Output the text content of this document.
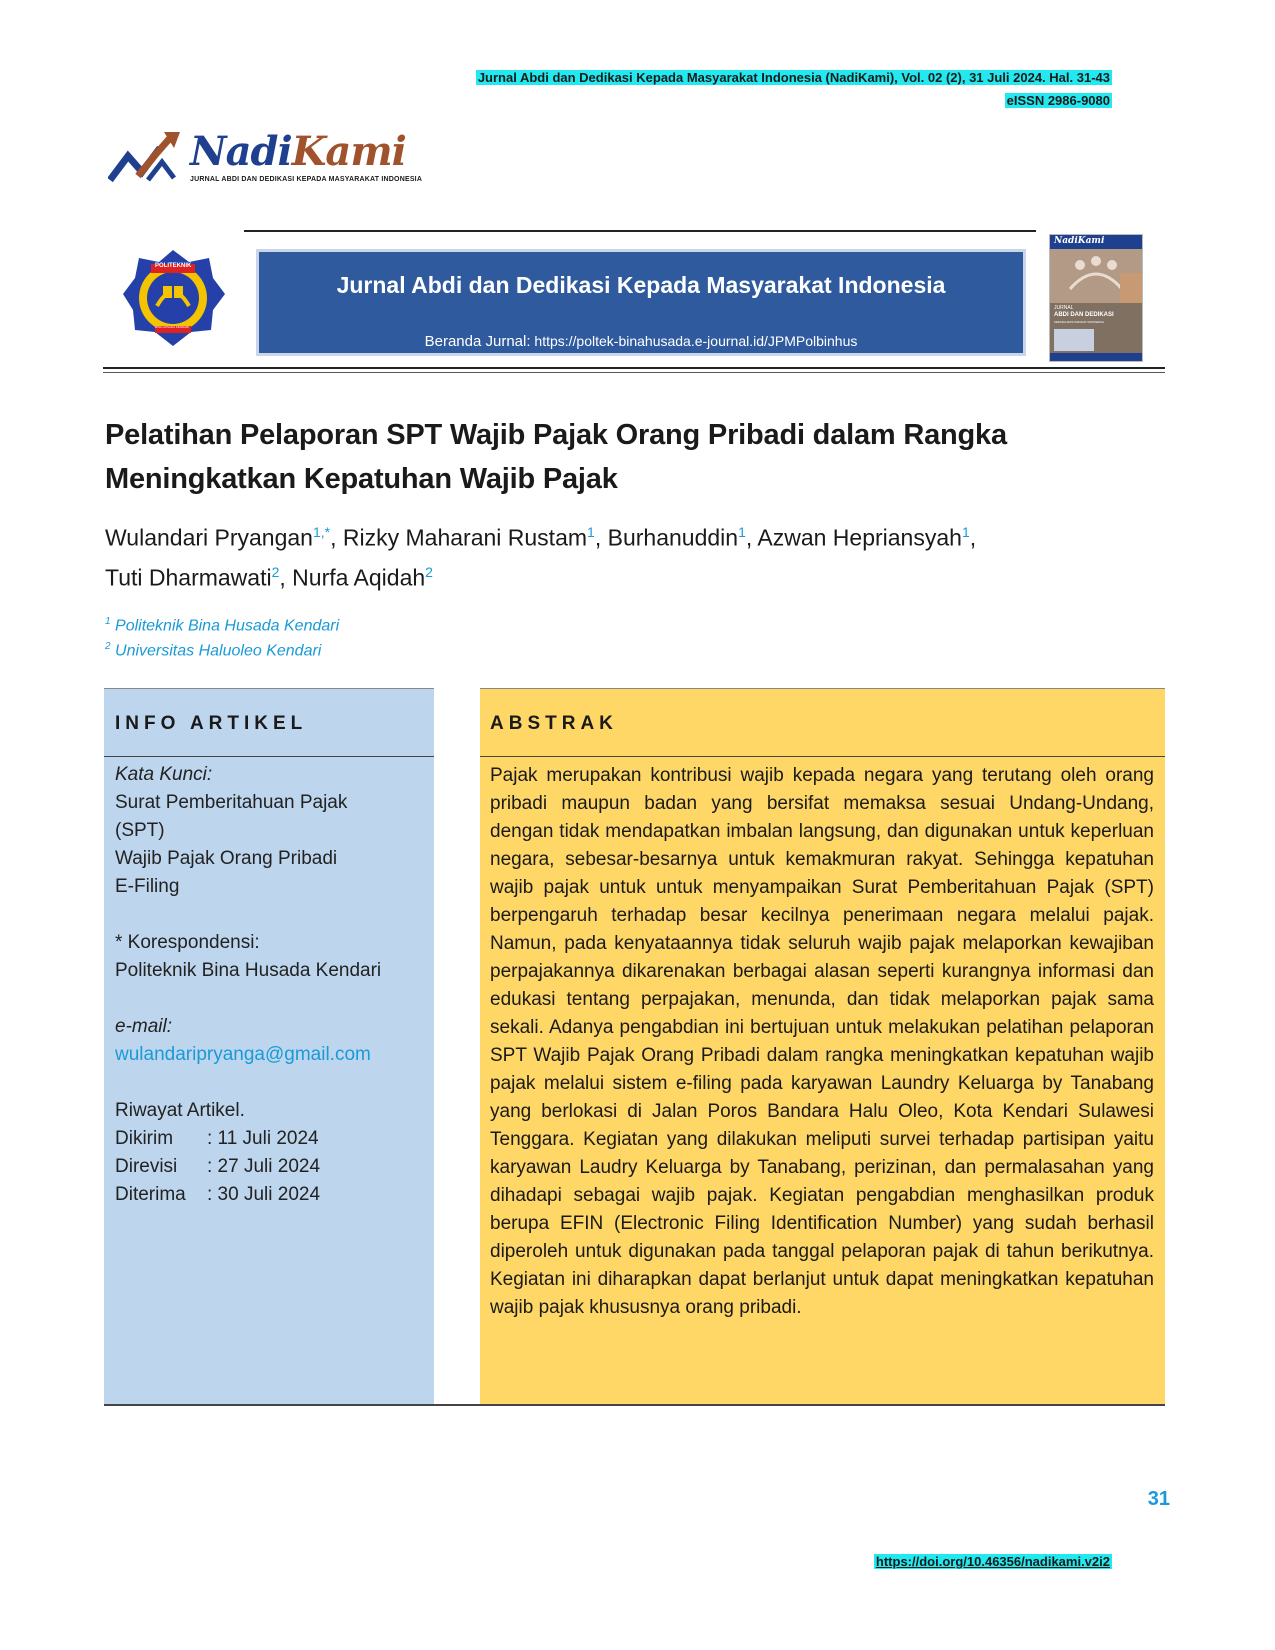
Jurnal Abdi dan Dedikasi Kepada Masyarakat Indonesia (NadiKami), Vol. 02 (2), 31 Juli 2024. Hal. 31-43
eISSN 2986-9080
NadiKami
JURNAL ABDI DAN DEDIKASI KEPADA MASYARAKAT INDONESIA
POLITEKNIK
BINA HUSADA KENDARI
Jurnal Abdi dan Dedikasi Kepada Masyarakat Indonesia
Beranda Jurnal: https://poltek-binahusada.e-journal.id/JPMPolbinhus
NadiKami
JURNAL
ABDI DAN DEDIKASI
KEPADA MASYARAKAT INDONESIA
Pelatihan Pelaporan SPT Wajib Pajak Orang Pribadi dalam Rangka Meningkatkan Kepatuhan Wajib Pajak
Wulandari Pryangan$^{1,*}$, Rizky Maharani Rustam$^1$, Burhanuddin$^1$, Azwan Hepriansyah$^1$,
Tuti Dharmawati$^2$, Nurfa Aqidah$^2$
$^1$ Politeknik Bina Husada Kendari
$^2$ Universitas Haluoleo Kendari
INFO ARTIKEL	ABSTRAK
Kata Kunci:
Surat Pemberitahuan Pajak
(SPT)
Wajib Pajak Orang Pribadi
E-Filing
* Korespondensi:
Politeknik Bina Husada Kendari
e-mail:
wulandaripryanga@gmail.com
Riwayat Artikel.
Dikirim : 11 Juli 2024
Direvisi : 27 Juli 2024
Diterima : 30 Juli 2024
Pajak merupakan kontribusi wajib kepada negara yang terutang oleh orang pribadi maupun badan yang bersifat memaksa sesuai Undang-Undang, dengan tidak mendapatkan imbalan langsung, dan digunakan untuk keperluan negara, sebesar-besarnya untuk kemakmuran rakyat. Sehingga kepatuhan wajib pajak untuk untuk menyampaikan Surat Pemberitahuan Pajak (SPT) berpengaruh terhadap besar kecilnya penerimaan negara melalui pajak. Namun, pada kenyataannya tidak seluruh wajib pajak melaporkan kewajiban perpajakannya dikarenakan berbagai alasan seperti kurangnya informasi dan edukasi tentang perpajakan, menunda, dan tidak melaporkan pajak sama sekali. Adanya pengabdian ini bertujuan untuk melakukan pelatihan pelaporan SPT Wajib Pajak Orang Pribadi dalam rangka meningkatkan kepatuhan wajib pajak melalui sistem e-filing pada karyawan Laundry Keluarga by Tanabang yang berlokasi di Jalan Poros Bandara Halu Oleo, Kota Kendari Sulawesi Tenggara. Kegiatan yang dilakukan meliputi survei terhadap partisipan yaitu karyawan Laudry Keluarga by Tanabang, perizinan, dan permalasahan yang dihadapi sebagai wajib pajak. Kegiatan pengabdian menghasilkan produk berupa EFIN (Electronic Filing Identification Number) yang sudah berhasil diperoleh untuk digunakan pada tanggal pelaporan pajak di tahun berikutnya. Kegiatan ini diharapkan dapat berlanjut untuk dapat meningkatkan kepatuhan wajib pajak khususnya orang pribadi.
31
https://doi.org/10.46356/nadikami.v2i2
